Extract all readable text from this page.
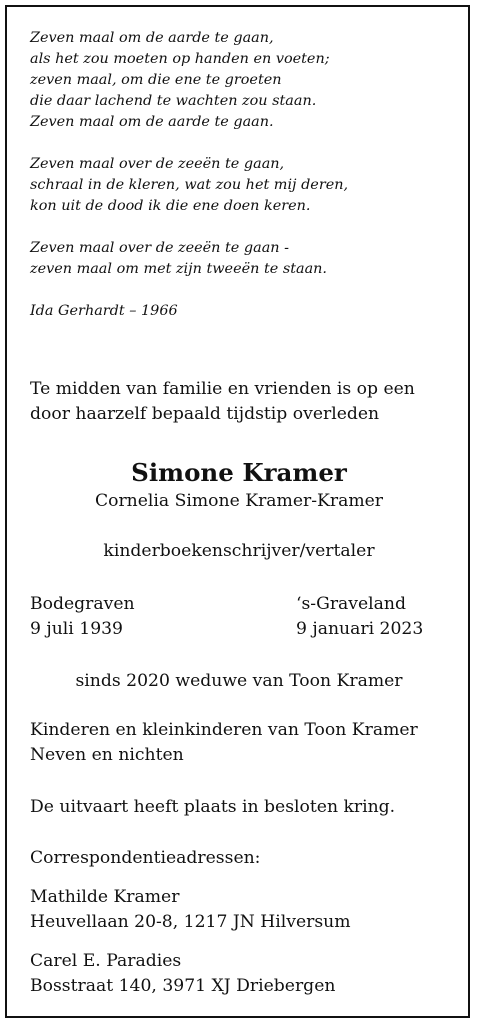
Zeven maal om de aarde te gaan,
als het zou moeten op handen en voeten;
zeven maal, om die ene te groeten
die daar lachend te wachten zou staan.
Zeven maal om de aarde te gaan.
Zeven maal over de zeeën te gaan,
schraal in de kleren, wat zou het mij deren,
kon uit de dood ik die ene doen keren.
Zeven maal over de zeeën te gaan -
zeven maal om met zijn tweeën te staan.
Ida Gerhardt – 1966
Te midden van familie en vrienden is op een
door haarzelf bepaald tijdstip overleden
Simone Kramer
Cornelia Simone Kramer-Kramer
kinderboekenschrijver/vertaler
Bodegraven
9 juli 1939
‘s-Graveland
9 januari 2023
sinds 2020 weduwe van Toon Kramer
Kinderen en kleinkinderen van Toon Kramer
Neven en nichten
De uitvaart heeft plaats in besloten kring.
Correspondentieadressen:
Mathilde Kramer
Heuvellaan 20-8, 1217 JN Hilversum
Carel E. Paradies
Bosstraat 140, 3971 XJ Driebergen
